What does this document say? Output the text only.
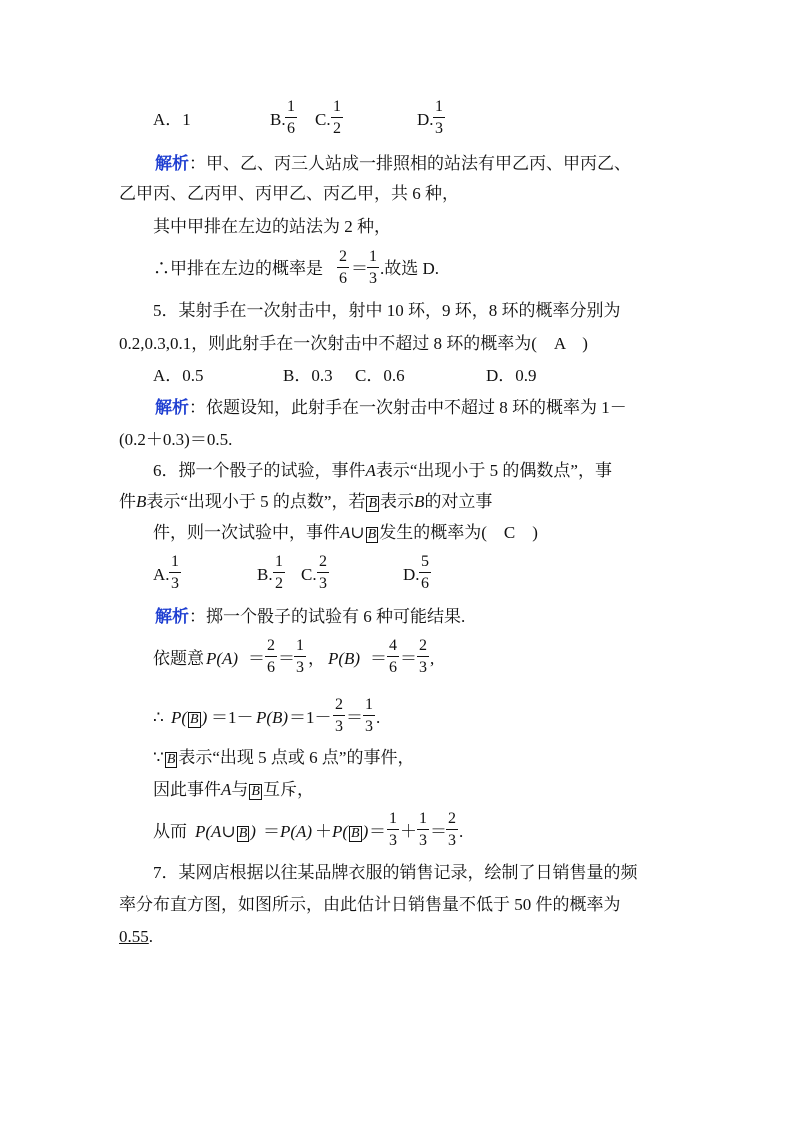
A．1	B. $\frac{1}{6} C$. $\frac{1}{2}$	D. $\frac{1}{3}$
解析：甲、乙、丙三人站成一排照相的站法有甲乙丙、甲丙乙、
乙甲丙、乙丙甲、丙甲乙、丙乙甲，共 6 种，
其中甲排在左边的站法为 2 种，
∴甲排在左边的概率是 $\frac{2}{6} = \frac{1}{3}$ .故选 D.
5．某射手在一次射击中，射中 10 环，9 环，8 环的概率分别为
0.2,0.3,0.1，则此射手在一次射击中不超过 8 环的概率为(　A　)
A．0.5	B．0.3 C．0.6	D．0.9
解析：依题设知，此射手在一次射击中不超过 8 环的概率为 1－
(0.2＋0.3)＝0.5.
6．掷一个骰子的试验，事件A表示“出现小于 5 的偶数点”，事
件B表示“出现小于 5 的点数”，若 B 表示B的对立事
件，则一次试验中，事件A∪ B 发生的概率为(　C　)
A. $\frac{1}{3}$	B. $\frac{1}{2} C$. $\frac{2}{3}$	D. $\frac{5}{6}$
解析：掷一个骰子的试验有 6 种可能结果.
依题意 $P(A) = \frac{2}{6} = \frac{1}{3}$ ， $P(B) = \frac{4}{6} = \frac{2}{3}$ ,
∴ P( B ) $=1- P(B) =1- \frac{2}{3} = \frac{1}{3}$ .
∵ B 表示“出现 5 点或 6 点”的事件，
因此事件A与 B 互斥，
从而 P(A∪ B ) ＝ P(A) ＋ P( B ) ＝ $\frac{1}{3} + \frac{1}{3} = \frac{2}{3}$ .
7．某网店根据以往某品牌衣服的销售记录，绘制了日销售量的频
率分布直方图，如图所示，由此估计日销售量不低于 50 件的概率为
0.55.
